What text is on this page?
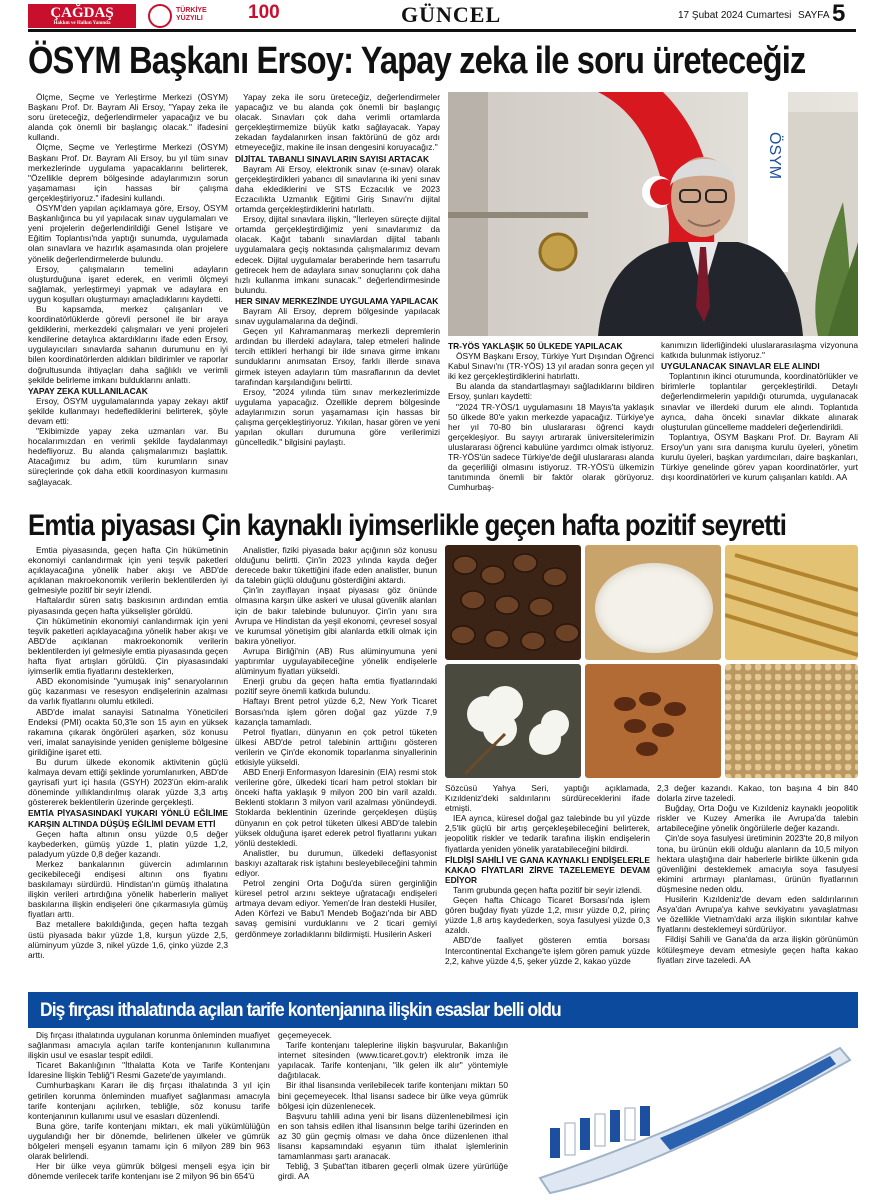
ÇAĞDAŞ
Hakkın ve Halkın Yanında
TÜRKİYE YÜZYILI	100	GÜNCEL	17 Şubat 2024 Cumartesi SAYFA 5
ÖSYM Başkanı Ersoy: Yapay zeka ile soru üreteceğiz

Ölçme, Seçme ve Yerleştirme Merkezi (ÖSYM) Başkanı Prof. Dr. Bayram Ali Ersoy, "Yapay zeka ile soru üreteceğiz, değerlendirmeler yapacağız ve bu alanda çok önemli bir başlangıç olacak." ifadesini kullandı.

Ölçme, Seçme ve Yerleştirme Merkezi (ÖSYM) Başkanı Prof. Dr. Bayram Ali Ersoy, bu yıl tüm sınav merkezlerinde uygulama yapacaklarını belirterek, "Özellikle deprem bölgesinde adaylarımızın sorun yaşamaması için hassas bir çalışma gerçekleştiriyoruz." ifadesini kullandı.

ÖSYM'den yapılan açıklamaya göre, Ersoy, ÖSYM Başkanlığınca bu yıl yapılacak sınav uygulamaları ve yeni projelerin değerlendirildiği Genel İstişare ve Eğitim Toplantısı'nda yaptığı sunumda, uygulamada olan sınavlara ve hazırlık aşamasında olan projelere yönelik değerlendirmelerde bulundu.

Ersoy, çalışmaların temelini adayların oluşturduğuna işaret ederek, en verimli ölçmeyi sağlamak, yerleştirmeyi yapmak ve adaylara en uygun koşulları oluşturmayı amaçladıklarını kaydetti.

Bu kapsamda, merkez çalışanları ve koordinatörlüklerde görevli personel ile bir araya geldiklerini, merkezdeki çalışmaları ve yeni projeleri kendilerine detaylıca aktardıklarını ifade eden Ersoy, uygulayıcıları sınavlarda sahanın durumunu en iyi bilen koordinatörlerden aldıkları bildirimler ve raporlar doğrultusunda ihtiyaçları daha sağlıklı ve verimli şekilde belirleme imkanı bulduklarını anlattı.

YAPAY ZEKA KULLANILACAK

Ersoy, ÖSYM uygulamalarında yapay zekayı aktif şekilde kullanmayı hedeflediklerini belirterek, şöyle devam etti:

"Ekibimizde yapay zeka uzmanları var. Bu hocalarımızdan en verimli şekilde faydalanmayı hedefliyoruz. Bu alanda çalışmalarımızı başlattık. Atacağımız bu adım, tüm kurumların sınav süreçlerinde çok daha etkili koordinasyon kurmasını sağlayacak.

Yapay zeka ile soru üreteceğiz, değerlendirmeler yapacağız ve bu alanda çok önemli bir başlangıç olacak. Sınavları çok daha verimli ortamlarda gerçekleştirmemize büyük katkı sağlayacak. Yapay zekadan faydalanırken insan faktörünü de göz ardı etmeyeceğiz, makine ile insan dengesini koruyacağız."

DİJİTAL TABANLI SINAVLARIN SAYISI ARTACAK

Bayram Ali Ersoy, elektronik sınav (e-sınav) olarak gerçekleştirdikleri yabancı dil sınavlarına iki yeni sınav daha eklediklerini ve STS Eczacılık ve 2023 Eczacılıkta Uzmanlık Eğitimi Giriş Sınavı'nı dijital ortamda gerçekleştirdiklerini hatırlattı.

Ersoy, dijital sınavlara ilişkin, "İlerleyen süreçte dijital ortamda gerçekleştirdiğimiz yeni sınavlarımız da olacak. Kağıt tabanlı sınavlardan dijital tabanlı uygulamalara geçiş noktasında çalışmalarımız devam edecek. Dijital uygulamalar beraberinde hem tasarrufu getirecek hem de adaylara sınav sonuçlarını çok daha hızlı kullanma imkanı sunacak." değerlendirmesinde bulundu.

HER SINAV MERKEZİNDE UYGULAMA YAPILACAK

Bayram Ali Ersoy, deprem bölgesinde yapılacak sınav uygulamalarına da değindi.

Geçen yıl Kahramanmaraş merkezli depremlerin ardından bu illerdeki adaylara, talep etmeleri halinde tercih ettikleri herhangi bir ilde sınava girme imkanı sunduklarını anımsatan Ersoy, farklı illerde sınava girmek isteyen adayların tüm masraflarının da devlet tarafından karşılandığını belirtti.

Ersoy, "2024 yılında tüm sınav merkezlerimizde uygulama yapacağız. Özellikle deprem bölgesinde adaylarımızın sorun yaşamaması için hassas bir çalışma gerçekleştiriyoruz. Yıkılan, hasar gören ve yeni yapılan okulları durumuna göre verilerimizi güncelledik." bilgisini paylaştı.

ÖSYM

TR-YÖS YAKLAŞIK 50 ÜLKEDE YAPILACAK

ÖSYM Başkanı Ersoy, Türkiye Yurt Dışından Öğrenci Kabul Sınavı'nı (TR-YÖS) 13 yıl aradan sonra geçen yıl iki kez gerçekleştirdiklerini hatırlattı.

Bu alanda da standartlaşmayı sağladıklarını bildiren Ersoy, şunları kaydetti:

"2024 TR-YÖS/1 uygulamasını 18 Mayıs'ta yaklaşık 50 ülkede 80'e yakın merkezde yapacağız. Türkiye'ye her yıl 70-80 bin uluslararası öğrenci kaydı gerçekleşiyor. Bu sayıyı artırarak üniversitelerimizin uluslararası öğrenci kabulüne yardımcı olmak istiyoruz. TR-YÖS'ün sadece Türkiye'de değil uluslararası alanda da geçerliliği olmasını istiyoruz. TR-YÖS'ü ülkemizin tanıtımında önemli bir faktör olarak görüyoruz. Cumhurbaş-

kanımızın liderliğindeki uluslararasılaşma vizyonuna katkıda bulunmak istiyoruz."

UYGULANACAK SINAVLAR ELE ALINDI

Toplantının ikinci oturumunda, koordinatörlükler ve birimlerle toplantılar gerçekleştirildi. Detaylı değerlendirmelerin yapıldığı oturumda, uygulanacak sınavlar ve illerdeki durum ele alındı. Toplantıda ayrıca, daha önceki sınavlar dikkate alınarak oluşturulan güncelleme maddeleri değerlendirildi.

Toplantıya, ÖSYM Başkanı Prof. Dr. Bayram Ali Ersoy'un yanı sıra danışma kurulu üyeleri, yönetim kurulu üyeleri, başkan yardımcıları, daire başkanları, Türkiye genelinde görev yapan koordinatörler, yurt dışı koordinatörleri ve kurum çalışanları katıldı. AA

Emtia piyasası Çin kaynaklı iyimserlikle geçen hafta pozitif seyretti

Emtia piyasasında, geçen hafta Çin hükümetinin ekonomiyi canlandırmak için yeni teşvik paketleri açıklayacağına yönelik haber akışı ve ABD'de açıklanan makroekonomik verilerin beklentilerden iyi gelmesiyle pozitif bir seyir izlendi.

Haftalardır süren satış baskısının ardından emtia piyasasında geçen hafta yükselişler görüldü.

Çin hükümetinin ekonomiyi canlandırmak için yeni teşvik paketleri açıklayacağına yönelik haber akışı ve ABD'de açıklanan makroekonomik verilerin beklentilerden iyi gelmesiyle emtia piyasasında geçen hafta fiyat artışları görüldü. Çin piyasasındaki iyimserlik emtia fiyatlarını desteklerken,

ABD ekonomisinde "yumuşak iniş" senaryolarının güç kazanması ve resesyon endişelerinin azalması da varlık fiyatlarını olumlu etkiledi.

ABD'de imalat sanayisi Satınalma Yöneticileri Endeksi (PMI) ocakta 50,3'le son 15 ayın en yüksek rakamına çıkarak öngörüleri aşarken, söz konusu veri, imalat sanayisinde yeniden genişleme bölgesine girildiğine işaret etti.

Bu durum ülkede ekonomik aktivitenin güçlü kalmaya devam ettiği şeklinde yorumlanırken, ABD'de gayrisafi yurt içi hasıla (GSYH) 2023'ün ekim-aralık döneminde yıllıklandırılmış olarak yüzde 3,3 artış göstererek beklentilerin üzerinde gerçekleşti.

EMTİA PİYASASINDAKİ YUKARI YÖNLÜ EĞİLİME KARŞIN ALTINDA DÜŞÜŞ EĞİLİMİ DEVAM ETTİ

Geçen hafta altının onsu yüzde 0,5 değer kaybederken, gümüş yüzde 1, platin yüzde 1,2, paladyum yüzde 0,8 değer kazandı.

Merkez bankalarının güvercin adımlarının gecikebileceği endişesi altının ons fiyatını baskılamayı sürdürdü. Hindistan'ın gümüş ithalatına ilişkin verileri artırdığına yönelik haberlerin maliyet baskılarına ilişkin endişeleri öne çıkarmasıyla gümüş fiyatları arttı.

Baz metallere bakıldığında, geçen hafta tezgah üstü piyasada bakır yüzde 1,8, kurşun yüzde 2,5, alüminyum yüzde 3, nikel yüzde 1,6, çinko yüzde 2,3 arttı.

Analistler, fiziki piyasada bakır açığının söz konusu olduğunu belirtti. Çin'in 2023 yılında kayda değer derecede bakır tükettiğini ifade eden analistler, bunun da talebin güçlü olduğunu gösterdiğini aktardı.

Çin'in zayıflayan inşaat piyasası göz önünde olmasına karşın ülke askeri ve ulusal güvenlik alanları için de bakır talebinde bulunuyor. Çin'in yanı sıra Avrupa ve Hindistan da yeşil ekonomi, çevresel sosyal ve kurumsal yönetişim gibi alanlarda etkili olmak için bakıra yöneliyor.

Avrupa Birliği'nin (AB) Rus alüminyumuna yeni yaptırımlar uygulayabileceğine yönelik endişelerle alüminyum fiyatları yükseldi.

Enerji grubu da geçen hafta emtia fiyatlarındaki pozitif seyre önemli katkıda bulundu.

Haftayı Brent petrol yüzde 6,2, New York Ticaret Borsası'nda işlem gören doğal gaz yüzde 7,9 kazançla tamamladı.

Petrol fiyatları, dünyanın en çok petrol tüketen ülkesi ABD'de petrol talebinin arttığını gösteren verilerin ve Çin'de ekonomik toparlanma sinyallerinin etkisiyle yükseldi.

ABD Enerji Enformasyon İdaresinin (EIA) resmi stok verilerine göre, ülkedeki ticari ham petrol stokları bir önceki hafta yaklaşık 9 milyon 200 bin varil azaldı. Beklenti stokların 3 milyon varil azalması yönündeydi. Stoklarda beklentinin üzerinde gerçekleşen düşüş dünyanın en çok petrol tüketen ülkesi ABD'de talebin yüksek olduğuna işaret ederek petrol fiyatlarını yukarı yönlü destekledi.

Analistler, bu durumun, ülkedeki deflasyonist baskıyı azaltarak risk iştahını besleyebileceğini tahmin ediyor.

Petrol zengini Orta Doğu'da süren gerginliğin küresel petrol arzını sekteye uğratacağı endişeleri artmaya devam ediyor. Yemen'de İran destekli Husiler, Aden Körfezi ve Babu'l Mendeb Boğazı'nda bir ABD savaş gemisini vurduklarını ve 2 ticari gemiyi gerdönmeye zorladıklarını bildirmişti. Husilerin Askeri

Sözcüsü Yahya Seri, yaptığı açıklamada, Kızıldeniz'deki saldırılarını sürdüreceklerini ifade etmişti.

IEA ayrıca, küresel doğal gaz talebinde bu yıl yüzde 2,5'lik güçlü bir artış gerçekleşebileceğini belirterek, jeopolitik riskler ve tedarik tarafına ilişkin endişelerin fiyatlarda yeniden yönelik yaratabileceğini bildirdi.

FİLDİŞİ SAHİLİ VE GANA KAYNAKLI ENDİŞELERLE KAKAO FİYATLARI ZİRVE TAZELEMEYE DEVAM EDİYOR

Tarım grubunda geçen hafta pozitif bir seyir izlendi.

Geçen hafta Chicago Ticaret Borsası'nda işlem gören buğday fiyatı yüzde 1,2, mısır yüzde 0,2, pirinç yüzde 1,8 artış kaydederken, soya fasulyesi yüzde 0,3 azaldı.

ABD'de faaliyet gösteren emtia borsası Intercontinental Exchange'te işlem gören pamuk yüzde 2,2, kahve yüzde 4,5, şeker yüzde 2, kakao yüzde

2,3 değer kazandı. Kakao, ton başına 4 bin 840 dolarla zirve tazeledi.

Buğday, Orta Doğu ve Kızıldeniz kaynaklı jeopolitik riskler ve Kuzey Amerika ile Avrupa'da talebin artabileceğine yönelik öngörülerle değer kazandı.

Çin'de soya fasulyesi üretiminin 2023'te 20,8 milyon tona, bu ürünün ekili olduğu alanların da 10,5 milyon hektara ulaştığına dair haberlerle birlikte ülkenin gıda güvenliğini desteklemek amacıyla soya fasulyesi ekimini artırmayı planlaması, ürünün fiyatlarının düşmesine neden oldu.

Husilerin Kızıldeniz'de devam eden saldırılarının Asya'dan Avrupa'ya kahve sevkiyatını yavaşlatması ve özellikle Vietnam'daki arza ilişkin sıkıntılar kahve fiyatlarını desteklemeyi sürdürüyor.

Fildişi Sahili ve Gana'da da arza ilişkin görünümün kötüleşmeye devam etmesiyle geçen hafta kakao fiyatları zirve tazeledi. AA

Diş fırçası ithalatında açılan tarife kontenjanına ilişkin esaslar belli oldu

Diş fırçası ithalatında uygulanan korunma önleminden muafiyet sağlanması amacıyla açılan tarife kontenjanının kullanımına ilişkin usul ve esaslar tespit edildi.

Ticaret Bakanlığının "İthalatta Kota ve Tarife Kontenjanı İdaresine İlişkin Tebliğ"i Resmi Gazete'de yayımlandı.

Cumhurbaşkanı Kararı ile diş fırçası ithalatında 3 yıl için getirilen korunma önleminden muafiyet sağlanması amacıyla tarife kontenjanı açılırken, tebliğle, söz konusu tarife kontenjanının kullanımı usul ve esasları düzenlendi.

Buna göre, tarife kontenjanı miktarı, ek mali yükümlülüğün uygulandığı her bir dönemde, belirlenen ülkeler ve gümrük bölgeleri menşeli eşyanın tamamı için 6 milyon 289 bin 963 olarak belirlendi.

Her bir ülke veya gümrük bölgesi menşeli eşya için bir dönemde verilecek tarife kontenjanı ise 2 milyon 96 bin 654'ü

geçemeyecek.

Tarife kontenjanı taleplerine ilişkin başvurular, Bakanlığın internet sitesinden (www.ticaret.gov.tr) elektronik imza ile yapılacak. Tarife kontenjanı, "ilk gelen ilk alır" yöntemiyle dağıtılacak.

Bir ithal lisansında verilebilecek tarife kontenjanı miktarı 50 bini geçemeyecek. İthal lisansı sadece bir ülke veya gümrük bölgesi için düzenlenecek.

Başvuru tahlili adına yeni bir lisans düzenlenebilmesi için en son tahsis edilen ithal lisansının belge tarihi üzerinden en az 30 gün geçmiş olması ve daha önce düzenlenen ithal lisansı kapsamındaki eşyanın tüm ithalat işlemlerinin tamamlanması şartı aranacak.

Tebliğ, 3 Şubat'tan itibaren geçerli olmak üzere yürürlüğe girdi. AA
